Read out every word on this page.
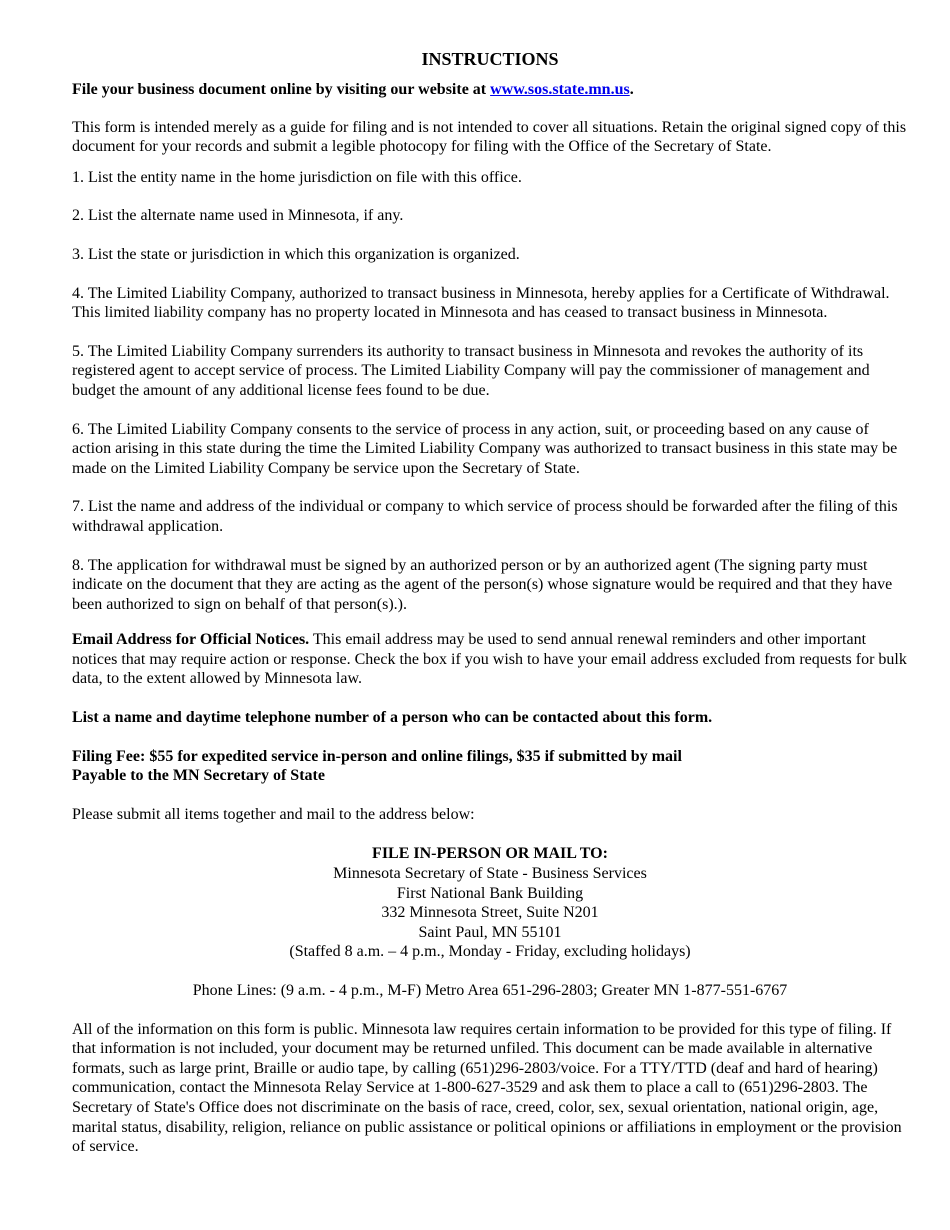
INSTRUCTIONS

File your business document online by visiting our website at www.sos.state.mn.us.

This form is intended merely as a guide for filing and is not intended to cover all situations. Retain the original signed copy of this document for your records and submit a legible photocopy for filing with the Office of the Secretary of State.

1. List the entity name in the home jurisdiction on file with this office.

2. List the alternate name used in Minnesota, if any.

3. List the state or jurisdiction in which this organization is organized.

4. The Limited Liability Company, authorized to transact business in Minnesota, hereby applies for a Certificate of Withdrawal. This limited liability company has no property located in Minnesota and has ceased to transact business in Minnesota.

5. The Limited Liability Company surrenders its authority to transact business in Minnesota and revokes the authority of its registered agent to accept service of process. The Limited Liability Company will pay the commissioner of management and budget the amount of any additional license fees found to be due.

6. The Limited Liability Company consents to the service of process in any action, suit, or proceeding based on any cause of action arising in this state during the time the Limited Liability Company was authorized to transact business in this state may be made on the Limited Liability Company be service upon the Secretary of State.

7. List the name and address of the individual or company to which service of process should be forwarded after the filing of this withdrawal application.

8. The application for withdrawal must be signed by an authorized person or by an authorized agent (The signing party must indicate on the document that they are acting as the agent of the person(s) whose signature would be required and that they have been authorized to sign on behalf of that person(s).).

Email Address for Official Notices. This email address may be used to send annual renewal reminders and other important notices that may require action or response. Check the box if you wish to have your email address excluded from requests for bulk data, to the extent allowed by Minnesota law.

List a name and daytime telephone number of a person who can be contacted about this form.

Filing Fee: $55 for expedited service in-person and online filings, $35 if submitted by mail
Payable to the MN Secretary of State

Please submit all items together and mail to the address below:

FILE IN-PERSON OR MAIL TO:
Minnesota Secretary of State - Business Services
First National Bank Building
332 Minnesota Street, Suite N201
Saint Paul, MN 55101
(Staffed 8 a.m. – 4 p.m., Monday - Friday, excluding holidays)

Phone Lines: (9 a.m. - 4 p.m., M-F) Metro Area 651-296-2803; Greater MN 1-877-551-6767

All of the information on this form is public. Minnesota law requires certain information to be provided for this type of filing. If that information is not included, your document may be returned unfiled. This document can be made available in alternative formats, such as large print, Braille or audio tape, by calling (651)296-2803/voice. For a TTY/TTD (deaf and hard of hearing) communication, contact the Minnesota Relay Service at 1-800-627-3529 and ask them to place a call to (651)296-2803. The Secretary of State's Office does not discriminate on the basis of race, creed, color, sex, sexual orientation, national origin, age, marital status, disability, religion, reliance on public assistance or political opinions or affiliations in employment or the provision of service.
